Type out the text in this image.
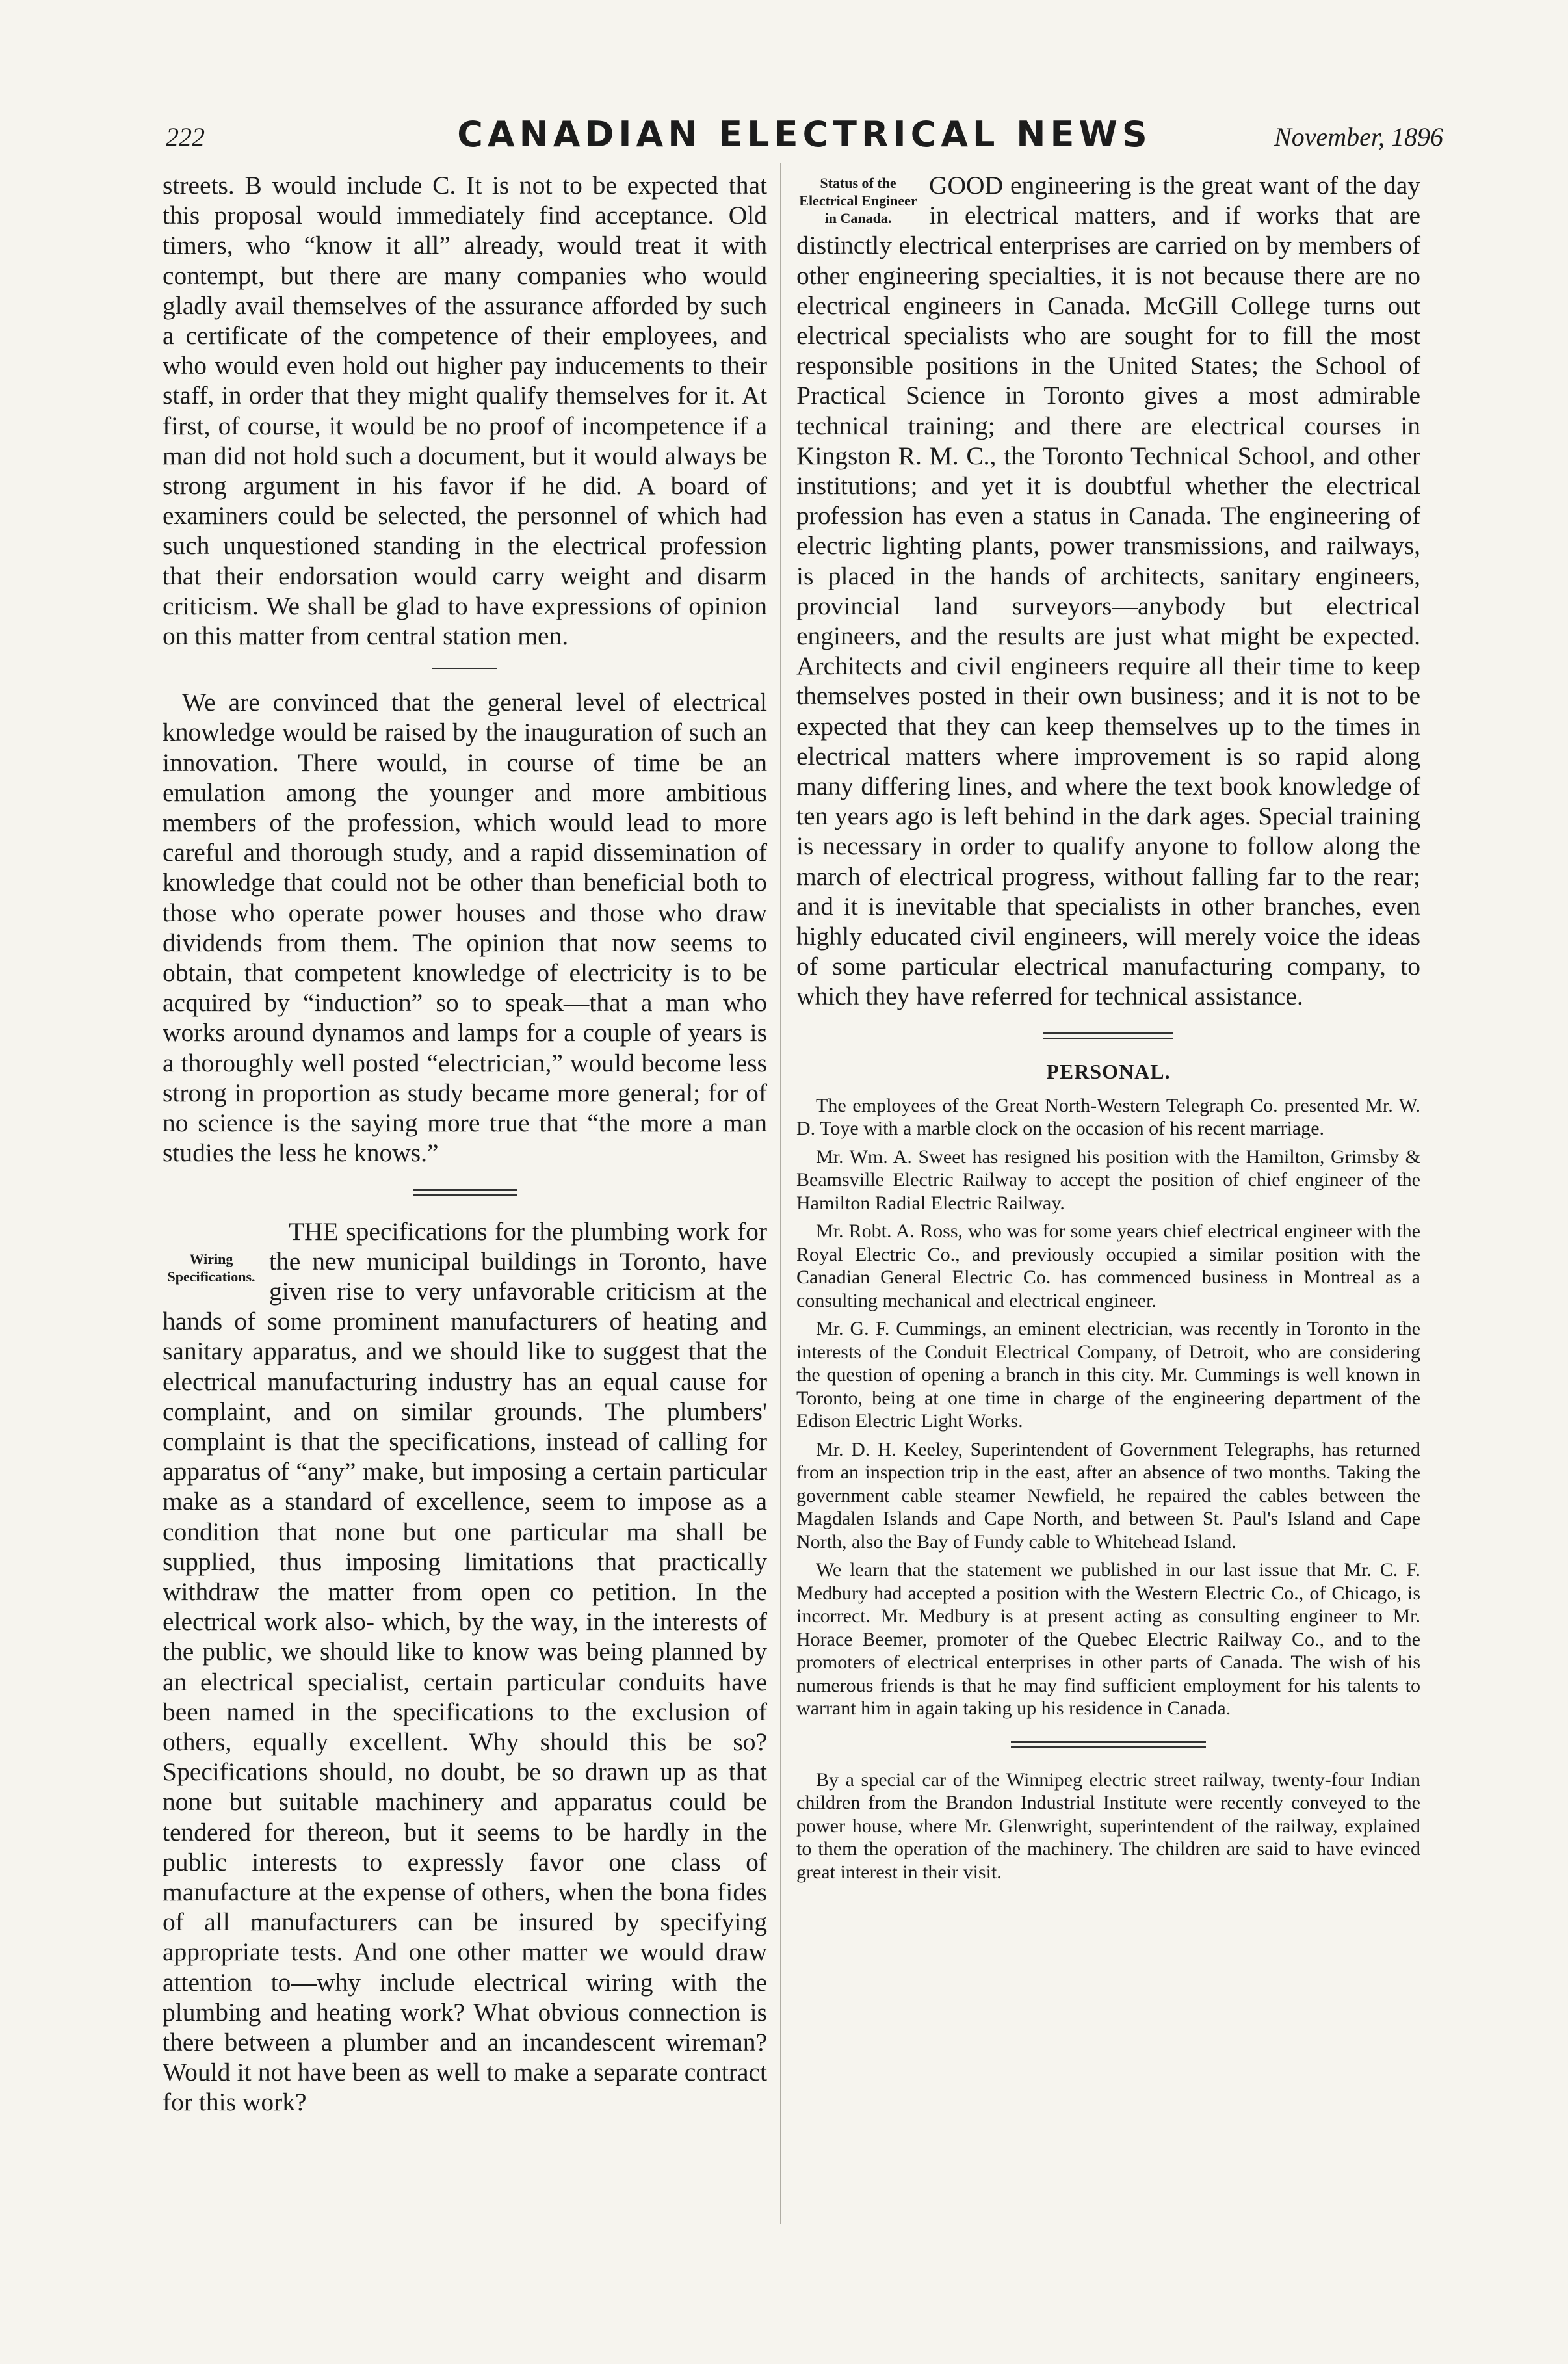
222	CANADIAN ELECTRICAL NEWS	November, 1896

streets. B would include C. It is not to be expected that this proposal would immediately find acceptance. Old timers, who “know it all” already, would treat it with contempt, but there are many companies who would gladly avail themselves of the assurance afforded by such a certificate of the competence of their employees, and who would even hold out higher pay inducements to their staff, in order that they might qualify themselves for it. At first, of course, it would be no proof of incompetence if a man did not hold such a document, but it would always be strong argument in his favor if he did. A board of examiners could be selected, the personnel of which had such unquestioned standing in the electrical profession that their endorsation would carry weight and disarm criticism. We shall be glad to have expressions of opinion on this matter from central station men.

We are convinced that the general level of electrical knowledge would be raised by the inauguration of such an innovation. There would, in course of time be an emulation among the younger and more ambitious members of the profession, which would lead to more careful and thorough study, and a rapid dissemination of knowledge that could not be other than beneficial both to those who operate power houses and those who draw dividends from them. The opinion that now seems to obtain, that competent knowledge of electricity is to be acquired by “induction” so to speak—that a man who works around dynamos and lamps for a couple of years is a thoroughly well posted “electrician,” would become less strong in proportion as study became more general; for of no science is the saying more true that “the more a man studies the less he knows.”

Wiring Specifications.

THE specifications for the plumbing work for the new municipal buildings in Toronto, have given rise to very unfavorable criticism at the hands of some prominent manufacturers of heating and sanitary apparatus, and we should like to suggest that the electrical manufacturing industry has an equal cause for complaint, and on similar grounds. The plumbers' complaint is that the specifications, instead of calling for apparatus of “any” make, but imposing a certain particular make as a standard of excellence, seem to impose as a condition that none but one particular ma shall be supplied, thus imposing limitations that practically withdraw the matter from open co petition. In the electrical work also- which, by the way, in the interests of the public, we should like to know was being planned by an electrical specialist, certain particular conduits have been named in the specifications to the exclusion of others, equally excellent. Why should this be so? Specifications should, no doubt, be so drawn up as that none but suitable machinery and apparatus could be tendered for thereon, but it seems to be hardly in the public interests to expressly favor one class of manufacture at the expense of others, when the bona fides of all manufacturers can be insured by specifying appropriate tests. And one other matter we would draw attention to—why include electrical wiring with the plumbing and heating work? What obvious connection is there between a plumber and an incandescent wireman? Would it not have been as well to make a separate contract for this work?

Status of the Electrical Engineer in Canada.

GOOD engineering is the great want of the day in electrical matters, and if works that are distinctly electrical enterprises are carried on by members of other engineering specialties, it is not because there are no electrical engineers in Canada. McGill College turns out electrical specialists who are sought for to fill the most responsible positions in the United States; the School of Practical Science in Toronto gives a most admirable technical training; and there are electrical courses in Kingston R. M. C., the Toronto Technical School, and other institutions; and yet it is doubtful whether the electrical profession has even a status in Canada. The engineering of electric lighting plants, power transmissions, and railways, is placed in the hands of architects, sanitary engineers, provincial land surveyors—anybody but electrical engineers, and the results are just what might be expected. Architects and civil engineers require all their time to keep themselves posted in their own business; and it is not to be expected that they can keep themselves up to the times in electrical matters where improvement is so rapid along many differing lines, and where the text book knowledge of ten years ago is left behind in the dark ages. Special training is necessary in order to qualify anyone to follow along the march of electrical progress, without falling far to the rear; and it is inevitable that specialists in other branches, even highly educated civil engineers, will merely voice the ideas of some particular electrical manufacturing company, to which they have referred for technical assistance.

PERSONAL.

The employees of the Great North-Western Telegraph Co. presented Mr. W. D. Toye with a marble clock on the occasion of his recent marriage.

Mr. Wm. A. Sweet has resigned his position with the Hamilton, Grimsby & Beamsville Electric Railway to accept the position of chief engineer of the Hamilton Radial Electric Railway.

Mr. Robt. A. Ross, who was for some years chief electrical engineer with the Royal Electric Co., and previously occupied a similar position with the Canadian General Electric Co. has commenced business in Montreal as a consulting mechanical and electrical engineer.

Mr. G. F. Cummings, an eminent electrician, was recently in Toronto in the interests of the Conduit Electrical Company, of Detroit, who are considering the question of opening a branch in this city. Mr. Cummings is well known in Toronto, being at one time in charge of the engineering department of the Edison Electric Light Works.

Mr. D. H. Keeley, Superintendent of Government Telegraphs, has returned from an inspection trip in the east, after an absence of two months. Taking the government cable steamer Newfield, he repaired the cables between the Magdalen Islands and Cape North, and between St. Paul's Island and Cape North, also the Bay of Fundy cable to Whitehead Island.

We learn that the statement we published in our last issue that Mr. C. F. Medbury had accepted a position with the Western Electric Co., of Chicago, is incorrect. Mr. Medbury is at present acting as consulting engineer to Mr. Horace Beemer, promoter of the Quebec Electric Railway Co., and to the promoters of electrical enterprises in other parts of Canada. The wish of his numerous friends is that he may find sufficient employment for his talents to warrant him in again taking up his residence in Canada.

By a special car of the Winnipeg electric street railway, twenty-four Indian children from the Brandon Industrial Institute were recently conveyed to the power house, where Mr. Glenwright, superintendent of the railway, explained to them the operation of the machinery. The children are said to have evinced great interest in their visit.
